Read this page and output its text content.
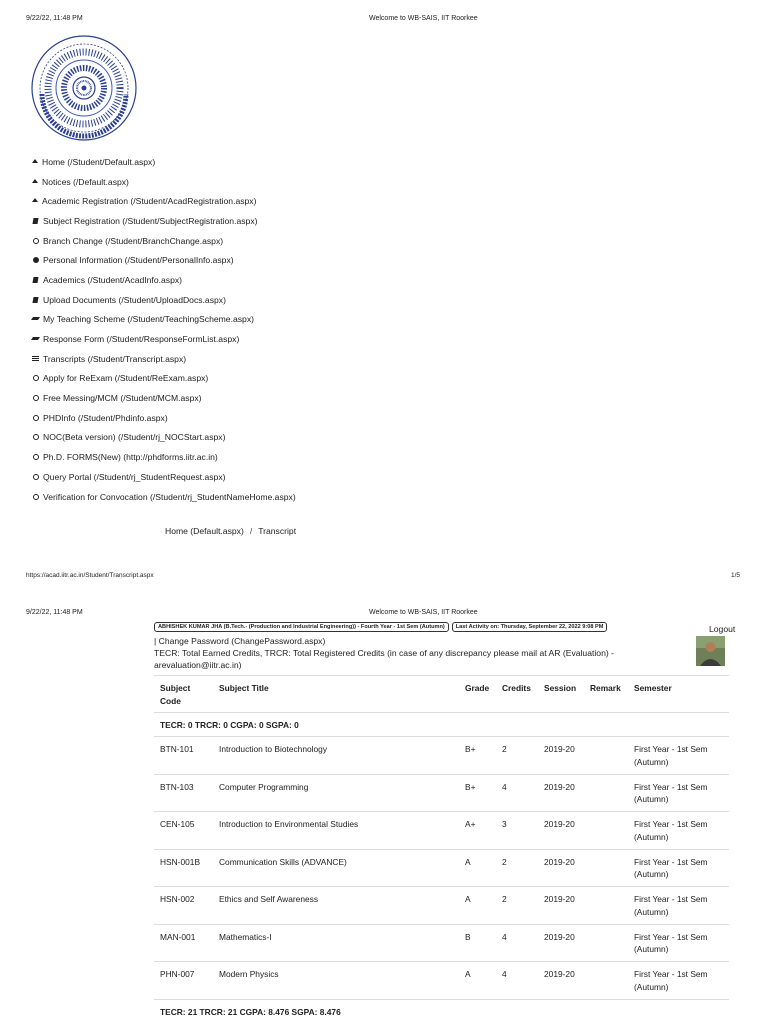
9/22/22, 11:48 PM	Welcome to WB-SAIS, IIT Roorkee
Home (/Student/Default.aspx)
Notices (/Default.aspx)
Academic Registration (/Student/AcadRegistration.aspx)
Subject Registration (/Student/SubjectRegistration.aspx)
Branch Change (/Student/BranchChange.aspx)
Personal Information (/Student/PersonalInfo.aspx)
Academics (/Student/AcadInfo.aspx)
Upload Documents (/Student/UploadDocs.aspx)
My Teaching Scheme (/Student/TeachingScheme.aspx)
Response Form (/Student/ResponseFormList.aspx)
Transcripts (/Student/Transcript.aspx)
Apply for ReExam (/Student/ReExam.aspx)
Free Messing/MCM (/Student/MCM.aspx)
PHDInfo (/Student/Phdinfo.aspx)
NOC(Beta version) (/Student/rj_NOCStart.aspx)
Ph.D. FORMS(New) (http://phdforms.iitr.ac.in)
Query Portal (/Student/rj_StudentRequest.aspx)
Verification for Convocation (/Student/rj_StudentNameHome.aspx)
Home (Default.aspx) / Transcript
https://acad.iitr.ac.in/Student/Transcript.aspx	1/5
9/22/22, 11:48 PM	Welcome to WB-SAIS, IIT Roorkee
ABHISHEK KUMAR JHA (B.Tech.- (Production and Industrial Engineering)) - Fourth Year - 1st Sem (Autumn)	Last Activity on: Thursday, September 22, 2022 9:08 PM	Logout
| Change Password (ChangePassword.aspx)
TECR: Total Earned Credits, TRCR: Total Registered Credits (in case of any discrepancy please mail at AR (Evaluation) - arevaluation@iitr.ac.in)
Subject Code	Subject Title	Grade	Credits	Session	Remark	Semester
TECR: 0 TRCR: 0 CGPA: 0 SGPA: 0						
BTN-101	Introduction to Biotechnology	B+	2	2019-20		First Year - 1st Sem (Autumn)
BTN-103	Computer Programming	B+	4	2019-20		First Year - 1st Sem (Autumn)
CEN-105	Introduction to Environmental Studies	A+	3	2019-20		First Year - 1st Sem (Autumn)
HSN-001B	Communication Skills (ADVANCE)	A	2	2019-20		First Year - 1st Sem (Autumn)
HSN-002	Ethics and Self Awareness	A	2	2019-20		First Year - 1st Sem (Autumn)
MAN-001	Mathematics-I	B	4	2019-20		First Year - 1st Sem (Autumn)
PHN-007	Modern Physics	A	4	2019-20		First Year - 1st Sem (Autumn)
TECR: 21 TRCR: 21 CGPA: 8.476 SGPA: 8.476						
